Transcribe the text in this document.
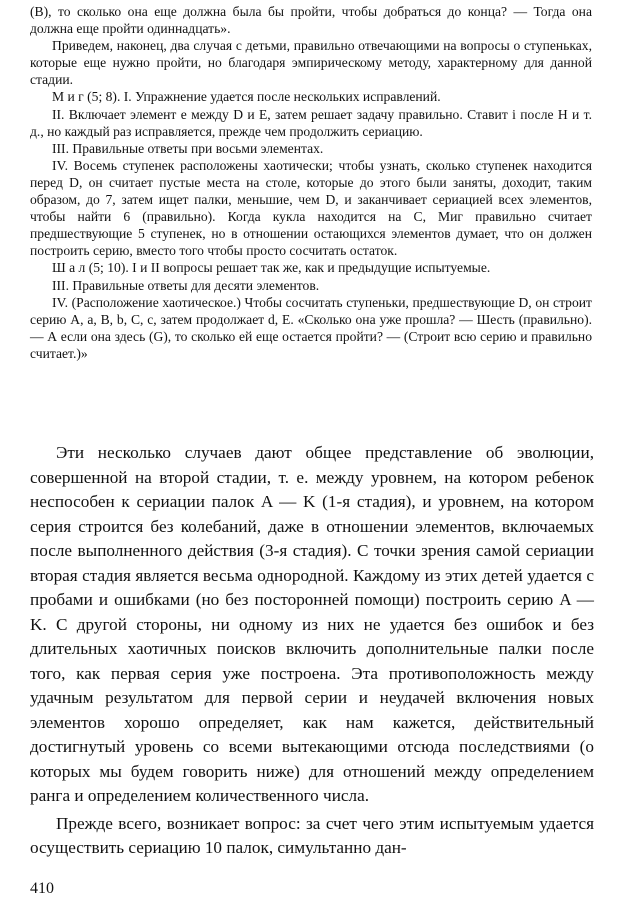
(B), то сколько она еще должна была бы пройти, чтобы добраться до конца? — Тогда она должна еще пройти одиннадцать».

Приведем, наконец, два случая с детьми, правильно отвечающими на вопросы о ступеньках, которые еще нужно пройти, но благодаря эмпирическому методу, характерному для данной стадии.

М и г (5; 8). I. Упражнение удается после нескольких исправлений.

II. Включает элемент е между D и E, затем решает задачу правильно. Ставит i после H и т. д., но каждый раз исправляется, прежде чем продолжить сериацию.

III. Правильные ответы при восьми элементах.

IV. Восемь ступенек расположены хаотически; чтобы узнать, сколько ступенек находится перед D, он считает пустые места на столе, которые до этого были заняты, доходит, таким образом, до 7, затем ищет палки, меньшие, чем D, и заканчивает сериацией всех элементов, чтобы найти 6 (правильно). Когда кукла находится на C, Миг правильно считает предшествующие 5 ступенек, но в отношении остающихся элементов думает, что он должен построить серию, вместо того чтобы просто сосчитать остаток.

Ш а л (5; 10). I и II вопросы решает так же, как и предыдущие испытуемые.

III. Правильные ответы для десяти элементов.

IV. (Расположение хаотическое.) Чтобы сосчитать ступеньки, предшествующие D, он строит серию A, a, B, b, C, c, затем продолжает d, E. «Сколько она уже прошла? — Шесть (правильно). — А если она здесь (G), то сколько ей еще остается пройти? — (Строит всю серию и правильно считает.)»

Эти несколько случаев дают общее представление об эволюции, совершенной на второй стадии, т. е. между уровнем, на котором ребенок неспособен к сериации палок A — K (1-я стадия), и уровнем, на котором серия строится без колебаний, даже в отношении элементов, включаемых после выполненного действия (3-я стадия). С точки зрения самой сериации вторая стадия является весьма однородной. Каждому из этих детей удается с пробами и ошибками (но без посторонней помощи) построить серию A — K. С другой стороны, ни одному из них не удается без ошибок и без длительных хаотичных поисков включить дополнительные палки после того, как первая серия уже построена. Эта противоположность между удачным результатом для первой серии и неудачей включения новых элементов хорошо определяет, как нам кажется, действительный достигнутый уровень со всеми вытекающими отсюда последствиями (о которых мы будем говорить ниже) для отношений между определением ранга и определением количественного числа.

Прежде всего, возникает вопрос: за счет чего этим испытуемым удается осуществить сериацию 10 палок, симультанно дан-

410
